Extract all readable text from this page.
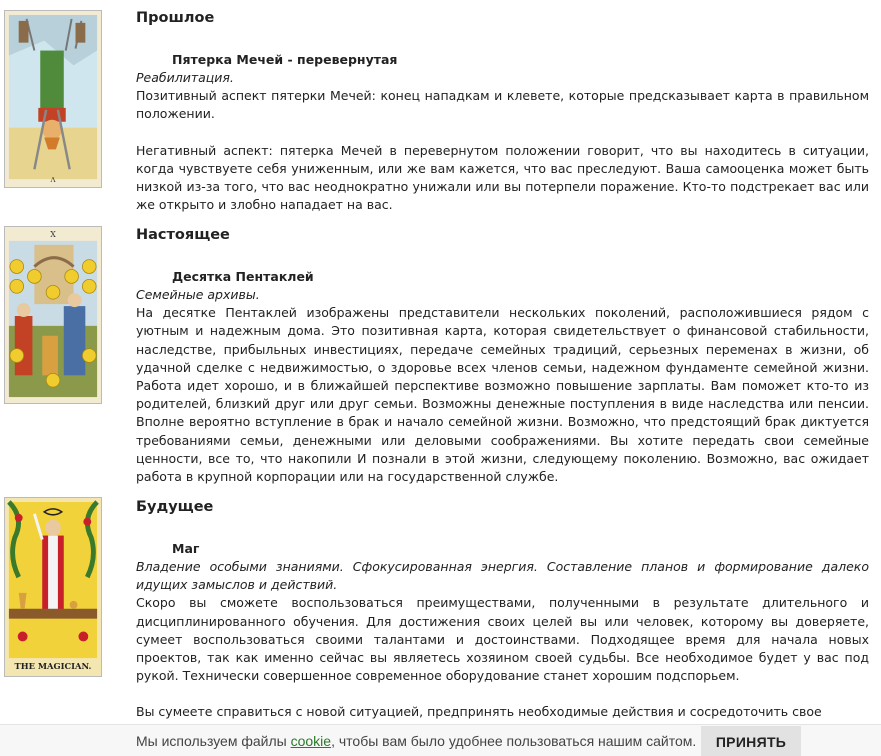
V
X
THE MAGICIAN.
Прошлое
Пятерка Мечей - перевернутая

Реабилитация.

Позитивный аспект пятерки Мечей: конец нападкам и клевете, которые предсказывает карта в правильном положении.

Негативный аспект: пятерка Мечей в перевернутом положении говорит, что вы находитесь в ситуации, когда чувствуете себя униженным, или же вам кажется, что вас преследуют. Ваша самооценка может быть низкой из-за того, что вас неоднократно унижали или вы потерпели поражение. Кто-то подстрекает вас или же открыто и злобно нападает на вас.

Настоящее
Десятка Пентаклей

Семейные архивы.

На десятке Пентаклей изображены представители нескольких поколений, расположившиеся рядом с уютным и надежным дома. Это позитивная карта, которая свидетельствует о финансовой стабильности, наследстве, прибыльных инвестициях, передаче семейных традиций, серьезных переменах в жизни, об удачной сделке с недвижимостью, о здоровье всех членов семьи, надежном фундаменте семейной жизни. Работа идет хорошо, и в ближайшей перспективе возможно повышение зарплаты. Вам поможет кто-то из родителей, близкий друг или друг семьи. Возможны денежные поступления в виде наследства или пенсии. Вполне вероятно вступление в брак и начало семейной жизни. Возможно, что предстоящий брак диктуется требованиями семьи, денежными или деловыми соображениями. Вы хотите передать свои семейные ценности, все то, что накопили И познали в этой жизни, следующему поколению. Возможно, вас ожидает работа в крупной корпорации или на государственной службе.

Будущее
Маг

Владение особыми знаниями. Сфокусированная энергия. Составление планов и формирование далеко идущих замыслов и действий.

Скоро вы сможете воспользоваться преимуществами, полученными в результате длительного и дисциплинированного обучения. Для достижения своих целей вы или человек, которому вы доверяете, сумеет воспользоваться своими талантами и достоинствами. Подходящее время для начала новых проектов, так как именно сейчас вы являетесь хозяином своей судьбы. Все необходимое будет у вас под рукой. Технически совершенное современное оборудование станет хорошим подспорьем.

Вы сумеете справиться с новой ситуацией, предпринять необходимые действия и сосредоточить свое

Мы используем файлы cookie, чтобы вам было удобнее пользоваться нашим сайтом.	ПРИНЯТЬ
